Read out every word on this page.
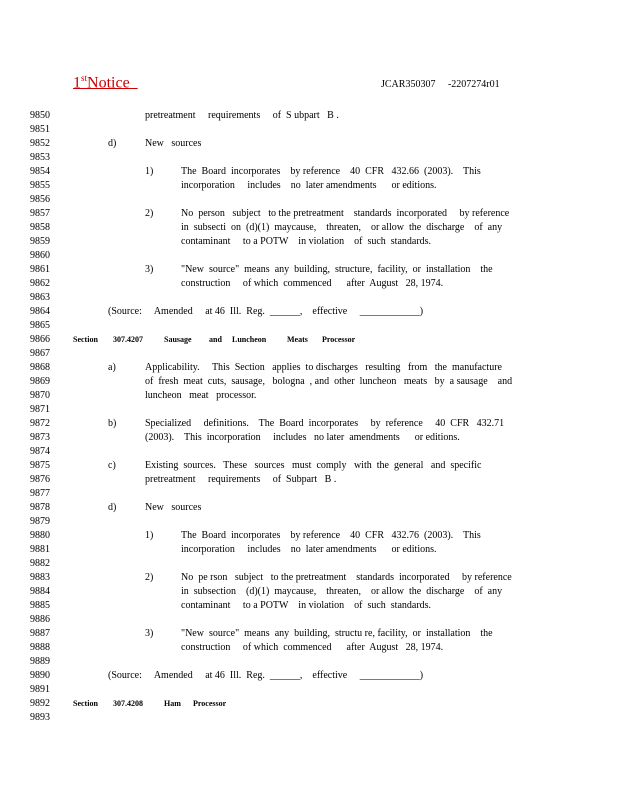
1stNotice	JCAR350307     -2207274r01
9850	pretreatment     requirements     of  S ubpart   B .
9851
9852	d)	New   sources
9853
9854	1)	The  Board  incorporates    by reference    40  CFR   432.66  (2003).    This
9855	incorporation     includes    no  later amendments      or editions.
9856
9857	2)	No  person   subject   to the pretreatment    standards  incorporated     by reference
9858	in  subsecti  on  (d)(1)  maycause,    threaten,    or allow  the  discharge    of  any
9859	contaminant     to a POTW    in violation    of  such  standards.
9860
9861	3)	"New  source"  means  any  building,  structure,  facility,  or  installation    the
9862	construction     of which  commenced      after  August   28, 1974.
9863
9864	(Source:     Amended     at 46  Ill.  Reg.  ______,    effective     ____________)
9865
9866	Section 307.4207	Sausage and Luncheon	Meats Processor
9867
9868	a)	Applicability.     This  Section   applies  to discharges   resulting   from   the  manufacture
9869	of  fresh  meat  cuts,  sausage,   bologna  , and  other  luncheon   meats   by  a sausage    and
9870	luncheon   meat   processor.
9871
9872	b)	Specialized     definitions.    The  Board  incorporates     by  reference     40  CFR   432.71
9873	(2003).    This  incorporation     includes   no later  amendments      or editions.
9874
9875	c)	Existing  sources.   These   sources   must  comply   with  the  general   and  specific
9876	pretreatment     requirements     of  Subpart   B .
9877
9878	d)	New   sources
9879
9880	1)	The  Board  incorporates    by reference    40  CFR   432.76  (2003).    This
9881	incorporation     includes    no  later amendments      or editions.
9882
9883	2)	No  pe rson   subject   to the pretreatment    standards  incorporated     by reference
9884	in  subsection    (d)(1)  maycause,    threaten,    or allow  the  discharge    of  any
9885	contaminant     to a POTW    in violation    of  such  standards.
9886
9887	3)	"New  source"  means  any  building,  structu re, facility,  or  installation    the
9888	construction     of which  commenced      after  August   28, 1974.
9889
9890	(Source:     Amended     at 46  Ill.  Reg.  ______,    effective     ____________)
9891
9892	Section 307.4208	Ham Processor
9893
